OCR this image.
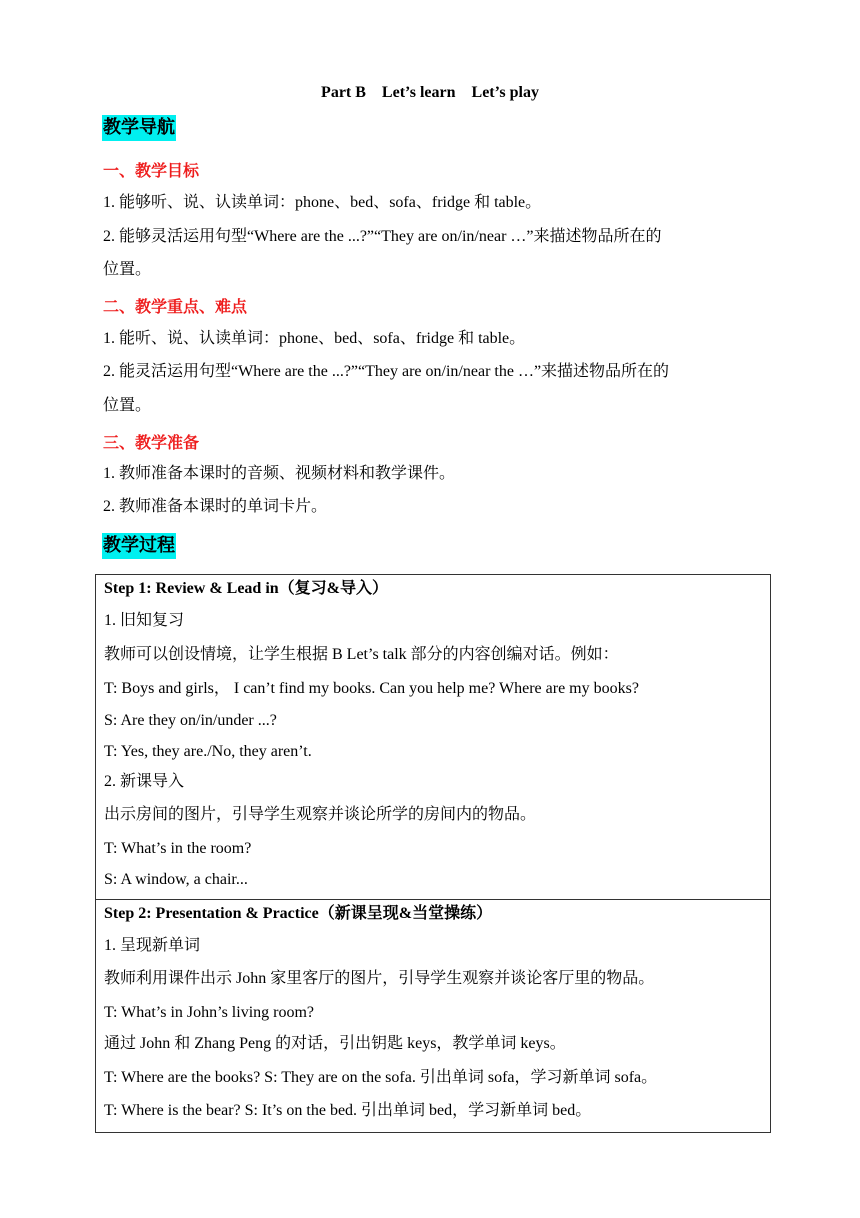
Part B    Let’s learn    Let’s play
教学导航
一、教学目标
1. 能够听、说、认读单词：phone、bed、sofa、fridge 和 table。
2. 能够灵活运用句型“Where are the ...?”“They are on/in/near …”来描述物品所在的
位置。
二、教学重点、难点
1. 能听、说、认读单词：phone、bed、sofa、fridge 和 table。
2. 能灵活运用句型“Where are the ...?”“They are on/in/near the …”来描述物品所在的
位置。
三、教学准备
1. 教师准备本课时的音频、视频材料和教学课件。
2. 教师准备本课时的单词卡片。
教学过程
Step 1: Review & Lead in（复习&导入）
1. 旧知复习
教师可以创设情境，让学生根据 B Let’s talk 部分的内容创编对话。例如：
T: Boys and girls， I can’t find my books. Can you help me? Where are my books?
S: Are they on/in/under ...?
T: Yes, they are./No, they aren’t.
2. 新课导入
出示房间的图片，引导学生观察并谈论所学的房间内的物品。
T: What’s in the room?
S: A window, a chair...
Step 2: Presentation & Practice（新课呈现&当堂操练）
1. 呈现新单词
教师利用课件出示 John 家里客厅的图片，引导学生观察并谈论客厅里的物品。
T: What’s in John’s living room?
通过 John 和 Zhang Peng 的对话，引出钥匙 keys，教学单词 keys。
T: Where are the books? S: They are on the sofa. 引出单词 sofa，学习新单词 sofa。
T: Where is the bear? S: It’s on the bed. 引出单词 bed，学习新单词 bed。
